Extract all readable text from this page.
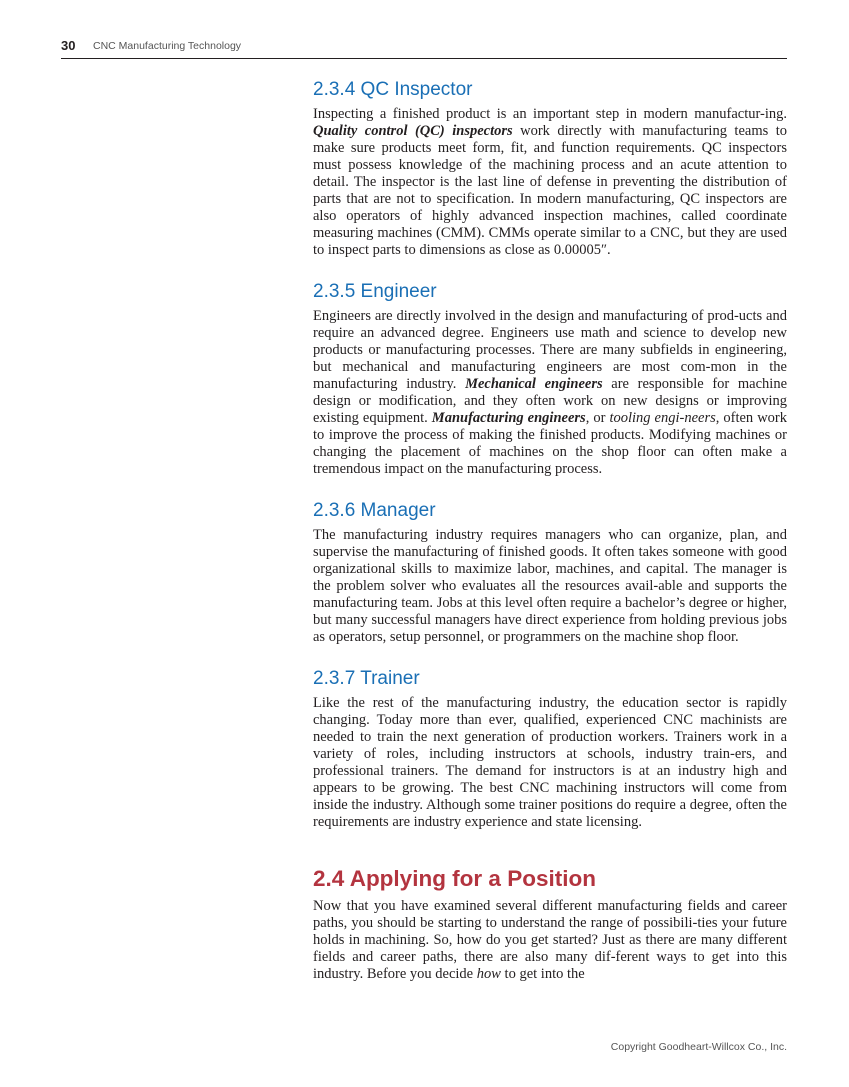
30 CNC Manufacturing Technology
2.3.4 QC Inspector

Inspecting a finished product is an important step in modern manufactur-ing. Quality control (QC) inspectors work directly with manufacturing teams to make sure products meet form, fit, and function requirements. QC inspectors must possess knowledge of the machining process and an acute attention to detail. The inspector is the last line of defense in preventing the distribution of parts that are not to specification. In modern manufacturing, QC inspectors are also operators of highly advanced inspection machines, called coordinate measuring machines (CMM). CMMs operate similar to a CNC, but they are used to inspect parts to dimensions as close as 0.00005″.

2.3.5 Engineer

Engineers are directly involved in the design and manufacturing of prod-ucts and require an advanced degree. Engineers use math and science to develop new products or manufacturing processes. There are many subfields in engineering, but mechanical and manufacturing engineers are most com-mon in the manufacturing industry. Mechanical engineers are responsible for machine design or modification, and they often work on new designs or improving existing equipment. Manufacturing engineers, or tooling engi-neers, often work to improve the process of making the finished products. Modifying machines or changing the placement of machines on the shop floor can often make a tremendous impact on the manufacturing process.

2.3.6 Manager

The manufacturing industry requires managers who can organize, plan, and supervise the manufacturing of finished goods. It often takes someone with good organizational skills to maximize labor, machines, and capital. The manager is the problem solver who evaluates all the resources avail-able and supports the manufacturing team. Jobs at this level often require a bachelor’s degree or higher, but many successful managers have direct experience from holding previous jobs as operators, setup personnel, or programmers on the machine shop floor.

2.3.7 Trainer

Like the rest of the manufacturing industry, the education sector is rapidly changing. Today more than ever, qualified, experienced CNC machinists are needed to train the next generation of production workers. Trainers work in a variety of roles, including instructors at schools, industry train-ers, and professional trainers. The demand for instructors is at an industry high and appears to be growing. The best CNC machining instructors will come from inside the industry. Although some trainer positions do require a degree, often the requirements are industry experience and state licensing.

2.4 Applying for a Position

Now that you have examined several different manufacturing fields and career paths, you should be starting to understand the range of possibili-ties your future holds in machining. So, how do you get started? Just as there are many different fields and career paths, there are also many dif-ferent ways to get into this industry. Before you decide how to get into the

Copyright Goodheart-Willcox Co., Inc.
